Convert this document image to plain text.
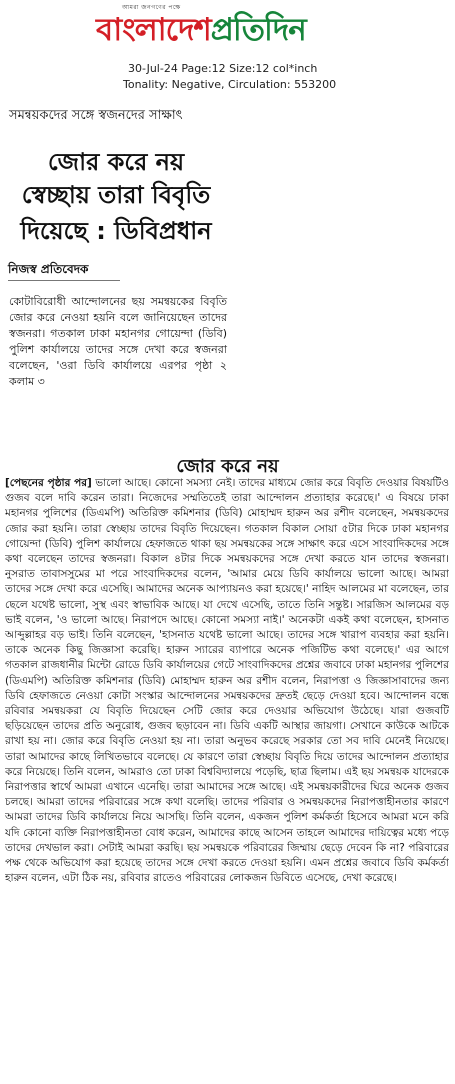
আমরা জনগণের পক্ষে
বাংলাদেশপ্রতিদিন
30-Jul-24 Page:12 Size:12 col*inch
Tonality: Negative, Circulation: 553200
সমন্বয়কদের সঙ্গে স্বজনদের সাক্ষাৎ
জোর করে নয়
স্বেচ্ছায় তারা বিবৃতি
দিয়েছে : ডিবিপ্রধান
নিজস্ব প্রতিবেদক
কোটাবিরোধী আন্দোলনের ছয় সমন্বয়কের বিবৃতি জোর করে নেওয়া হয়নি বলে জানিয়েছেন তাদের স্বজনরা। গতকাল ঢাকা মহানগর গোয়েন্দা (ডিবি) পুলিশ কার্যালয়ে তাদের সঙ্গে দেখা করে স্বজনরা বলেছেন, 'ওরা ডিবি কার্যালয়ে এরপর পৃষ্ঠা ২ কলাম ৩
জোর করে নয়
[পেছনের পৃষ্ঠার পর] ভালো আছে। কোনো সমস্যা নেই। তাদের মাধ্যমে জোর করে বিবৃতি দেওয়ার বিষয়টিও গুজব বলে দাবি করেন তারা। নিজেদের সম্মতিতেই তারা আন্দোলন প্রত্যাহার করেছে।' এ বিষয়ে ঢাকা মহানগর পুলিশের (ডিএমপি) অতিরিক্ত কমিশনার (ডিবি) মোহাম্মদ হারুন অর রশীদ বলেছেন, সমন্বয়কদের জোর করা হয়নি। তারা স্বেচ্ছায় তাদের বিবৃতি দিয়েছেন। গতকাল বিকাল সোয়া ৫টার দিকে ঢাকা মহানগর গোয়েন্দা (ডিবি) পুলিশ কার্যালয়ে হেফাজতে থাকা ছয় সমন্বয়কের সঙ্গে সাক্ষাৎ করে এসে সাংবাদিকদের সঙ্গে কথা বলেছেন তাদের স্বজনরা। বিকাল ৪টার দিকে সমন্বয়কদের সঙ্গে দেখা করতে যান তাদের স্বজনরা। নুসরাত তাবাসসুমের মা পরে সাংবাদিকদের বলেন, 'আমার মেয়ে ডিবি কার্যালয়ে ভালো আছে। আমরা তাদের সঙ্গে দেখা করে এসেছি। আমাদের অনেক আপ্যায়নও করা হয়েছে।' নাহিদ আলমের মা বলেছেন, তার ছেলে যথেষ্ট ভালো, সুস্থ এবং স্বাভাবিক আছে। যা দেখে এসেছি, তাতে তিনি সন্তুষ্ট। সারজিস আলমের বড় ভাই বলেন, 'ও ভালো আছে। নিরাপদে আছে। কোনো সমস্যা নাই।' অনেকটা একই কথা বলেছেন, হাসনাত আব্দুল্লাহর বড় ভাই। তিনি বলেছেন, 'হাসনাত যথেষ্ট ভালো আছে। তাদের সঙ্গে খারাপ ব্যবহার করা হয়নি। তাকে অনেক কিছু জিজ্ঞাসা করেছি। হারুন স্যারের ব্যাপারে অনেক পজিটিভ কথা বলেছে।' এর আগে গতকাল রাজধানীর মিন্টো রোডে ডিবি কার্যালয়ের গেটে সাংবাদিকদের প্রশ্নের জবাবে ঢাকা মহানগর পুলিশের (ডিএমপি) অতিরিক্ত কমিশনার (ডিবি) মোহাম্মদ হারুন অর রশীদ বলেন, নিরাপত্তা ও জিজ্ঞাসাবাদের জন্য ডিবি হেফাজতে নেওয়া কোটা সংস্কার আন্দোলনের সমন্বয়কদের দ্রুতই ছেড়ে দেওয়া হবে। আন্দোলন বন্ধে রবিবার সমন্বয়করা যে বিবৃতি দিয়েছেন সেটি জোর করে দেওয়ার অভিযোগ উঠেছে। যারা গুজবটি ছড়িয়েছেন তাদের প্রতি অনুরোধ, গুজব ছড়াবেন না। ডিবি একটি আস্থার জায়গা। সেখানে কাউকে আটকে রাখা হয় না। জোর করে বিবৃতি নেওয়া হয় না। তারা অনুভব করেছে সরকার তো সব দাবি মেনেই নিয়েছে। তারা আমাদের কাছে লিখিতভাবে বলেছে। যে কারণে তারা স্বেচ্ছায় বিবৃতি দিয়ে তাদের আন্দোলন প্রত্যাহার করে নিয়েছে। তিনি বলেন, আমরাও তো ঢাকা বিশ্ববিদ্যালয়ে পড়েছি, ছাত্র ছিলাম। এই ছয় সমন্বয়ক যাদেরকে নিরাপত্তার স্বার্থে আমরা এখানে এনেছি। তারা আমাদের সঙ্গে আছে। এই সমন্বয়কারীদের ঘিরে অনেক গুজব চলছে। আমরা তাদের পরিবারের সঙ্গে কথা বলেছি। তাদের পরিবার ও সমন্বয়কদের নিরাপত্তাহীনতার কারণে আমরা তাদের ডিবি কার্যালয়ে নিয়ে আসছি। তিনি বলেন, একজন পুলিশ কর্মকর্তা হিসেবে আমরা মনে করি যদি কোনো ব্যক্তি নিরাপত্তাহীনতা বোধ করেন, আমাদের কাছে আসেন তাহলে আমাদের দায়িত্বের মধ্যে পড়ে তাদের দেখভাল করা। সেটাই আমরা করছি। ছয় সমন্বয়কে পরিবারের জিম্মায় ছেড়ে দেবেন কি না? পরিবারের পক্ষ থেকে অভিযোগ করা হয়েছে তাদের সঙ্গে দেখা করতে দেওয়া হয়নি। এমন প্রশ্নের জবাবে ডিবি কর্মকর্তা হারুন বলেন, এটা ঠিক নয়, রবিবার রাতেও পরিবারের লোকজন ডিবিতে এসেছে, দেখা করেছে।
